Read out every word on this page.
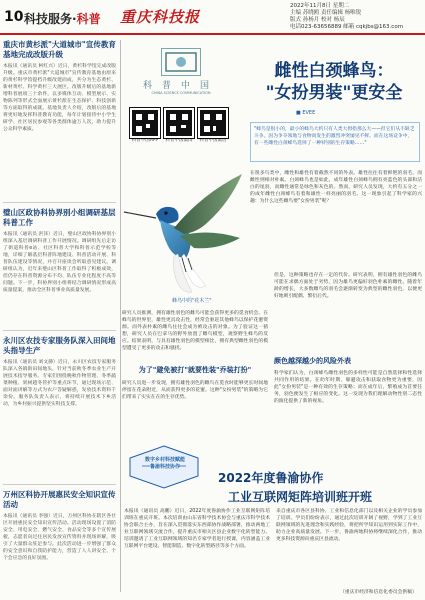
10 科技服务·科普 重庆科技报
2022年11月8日 星期二
主编 苏晓鸥 责任编辑 杨唯锐
版式 孙杨月 校对 杨辰
电话023-63656889 邮箱 cqkjbs@163.com
重庆市黄杉派"大道城市"宣传教育基地完成改版升级
本报讯（通讯员 柯红兴）近日，黄杉科学馆完成改版升级。重庆市黄杉派"大道城市"宣传教育基地由原来的黄杉科学馆提档升级改建而成，共分为生态黄杉、新材黄杉、科学黄杉三大展区。改版升级后的基地新增科普展项三十余件，以多媒体互动、模型展示、实物陈列等形式全面展示黄杉派在生态保护、科技创新等方面取得的成就。基地负责人介绍，改版后的基地将更好地发挥科普教育功能，每年计划接待中小学生研学、社区居民参观等各类群体逾万人次，助力提升公众科学素质。
璧山区政协科协界别小组调研基层科普工作
本报讯（通讯员 洪泽）近日，璧山区政协科协界别小组深入基层调研科普工作开展情况。调研组先后走访了街道科普e站、社区科普大学和科普示范学校等地，详细了解基层科普阵地建设、科普活动开展、科普队伍建设等情况，并召开座谈会听取意见建议。调研组认为，近年来璧山区科普工作取得了积极成效，但仍存在科普资源分布不均、队伍专业化程度不高等问题。下一步，科协界别小组将结合调研情况形成高质量提案，推动全区科普事业高质量发展。
永川区农技专家服务队深入田间地头指导生产
本报讯（通讯员 刘文静）近日，永川区农技专家服务队深入各镇街田间地头，针对当前秋冬季农业生产开展技术指导服务。专家们围绕晚秋作物管理、冬季蔬菜种植、果树越冬管护等重点环节，通过现场示范、面对面讲解等方式为农户答疑解惑，发放技术资料千余份。服务队负责人表示，将持续开展技术下乡活动，为乡村振兴提供坚实科技支撑。
万州区科协开展惠民安全知识宣传活动
本报讯（通讯员 李强）近日，万州区科协在辖区各社区开展惠民安全知识宣传活动。活动现场设置了消防安全、用电安全、燃气安全、食品安全等多个宣传展板，志愿者向过往居民发放宣传资料并现场讲解，吸引了大量群众驻足参与。此次活动进一步增强了群众的安全意识和自我防护能力，营造了人人讲安全、个个会应急的良好氛围。
科普中国
CHINA SCIENCE COMMUNICATION
科普中国APP	科普中国微博	科普中国微信
雌性白颈蜂鸟：
"女扮男装"更安全
■ EVEE
"蜂鸟是很小的，最小的蜂鸟大约只有人类大拇指那么大——但它们从不缺乏斗争。因为争夺领地与食物而发生的激烈冲突屡见不鲜。而在这场竞争中，有一些雌性白颈蜂鸟选择了一种特别的生存策略……"
在很多鸟类中，雌性和雄性有着截然不同的外表。雄性往往有着鲜艳的羽毛，而雌性则相对朴素。白颈蜂鸟也是如此，成年雄性白颈蜂鸟拥有亮蓝色的头部和洁白的尾羽，而雌性通常是绿色和灰色的。然而，研究人员发现，大约有五分之一的成年雌性白颈蜂鸟有着和雄性一样亮丽的羽毛。这一现象引起了科学家的兴趣：为什么这些雌鸟要"女扮男装"呢？
蜂鸟中的"花木兰"
研究人员推测，拥有雄性羽色的雌鸟可能会获得更多的觅食机会。在蜂鸟的世界里，雄性更具攻击性，经常会驱赶其他蜂鸟以保护花蜜资源。而外表朴素的雌鸟往往会成为被攻击的对象。为了验证这一猜想，研究人员在巴拿马的野外放置了雌鸟模型，观察野生蜂鸟的反应。结果表明，与具有雄性羽色的模型相比，拥有典型雌性羽色的模型遭受了更多的攻击和骚扰。
为了"避免被打"就要性装"乔装打扮"
研究人员进一步发现，拥有雄性羽色的雌鸟在觅食时能够更长时间地停留在花朵附近，从而获得更多的花蜜。这种"女扮男装"的策略为它们带来了实实在在的生存优势。
但是，这种策略也存在一定的代价。研究表明，拥有雄性羽色的雌鸟可能在求偶方面处于劣势，因为雄鸟更偏好羽色朴素的雌性。随着年龄的增长，大多数雌鸟的羽毛会逐渐转变为典型的雌性羽色，以便更好地吸引配偶、繁衍后代。
颜色越深越少的风险外表
科学家们认为，白颈蜂鸟雌性羽色的多样性可能是自然选择和性选择共同作用的结果。在幼年时期，躲避攻击和获取食物更为重要，因此"女扮男装"是一种有效的生存策略；而在成年后，繁殖成为首要任务，羽色便发生了相应的变化。这一发现为我们理解动物性别二态性的演化提供了新的视角。
数字乡村科技赋能
鲁渝科技协作
2022年度鲁渝协作
工业互联网矩阵培训班开班
本报讯（通讯员 高鹏）近日，2022年度鲁渝协作工业互联网矩阵培训班在重庆开班。本次培训由山东省科学技术协会与重庆市科学技术协会联合主办，旨在深入贯彻落实东西部协作战略部署，推动两地工业互联网领域交流合作，提升重庆市相关区县企业数字化转型能力。培训邀请了工业互联网领域的知名专家学者进行授课，内容涵盖工业互联网平台建设、智能制造、数字化转型路径等多个方面。
来自重庆市各区县科协、工业和信息化部门以及相关企业的学员参加了培训。学员们纷纷表示，通过此次培训开阔了视野，学到了工业互联网领域的先进理念和实践经验，将把所学知识运用到实际工作中，助力企业高质量发展。下一步，鲁渝两地科协将继续深化合作，推动更多科技资源向重庆区县流动。
（重庆市经济和信息化委员会供稿）
